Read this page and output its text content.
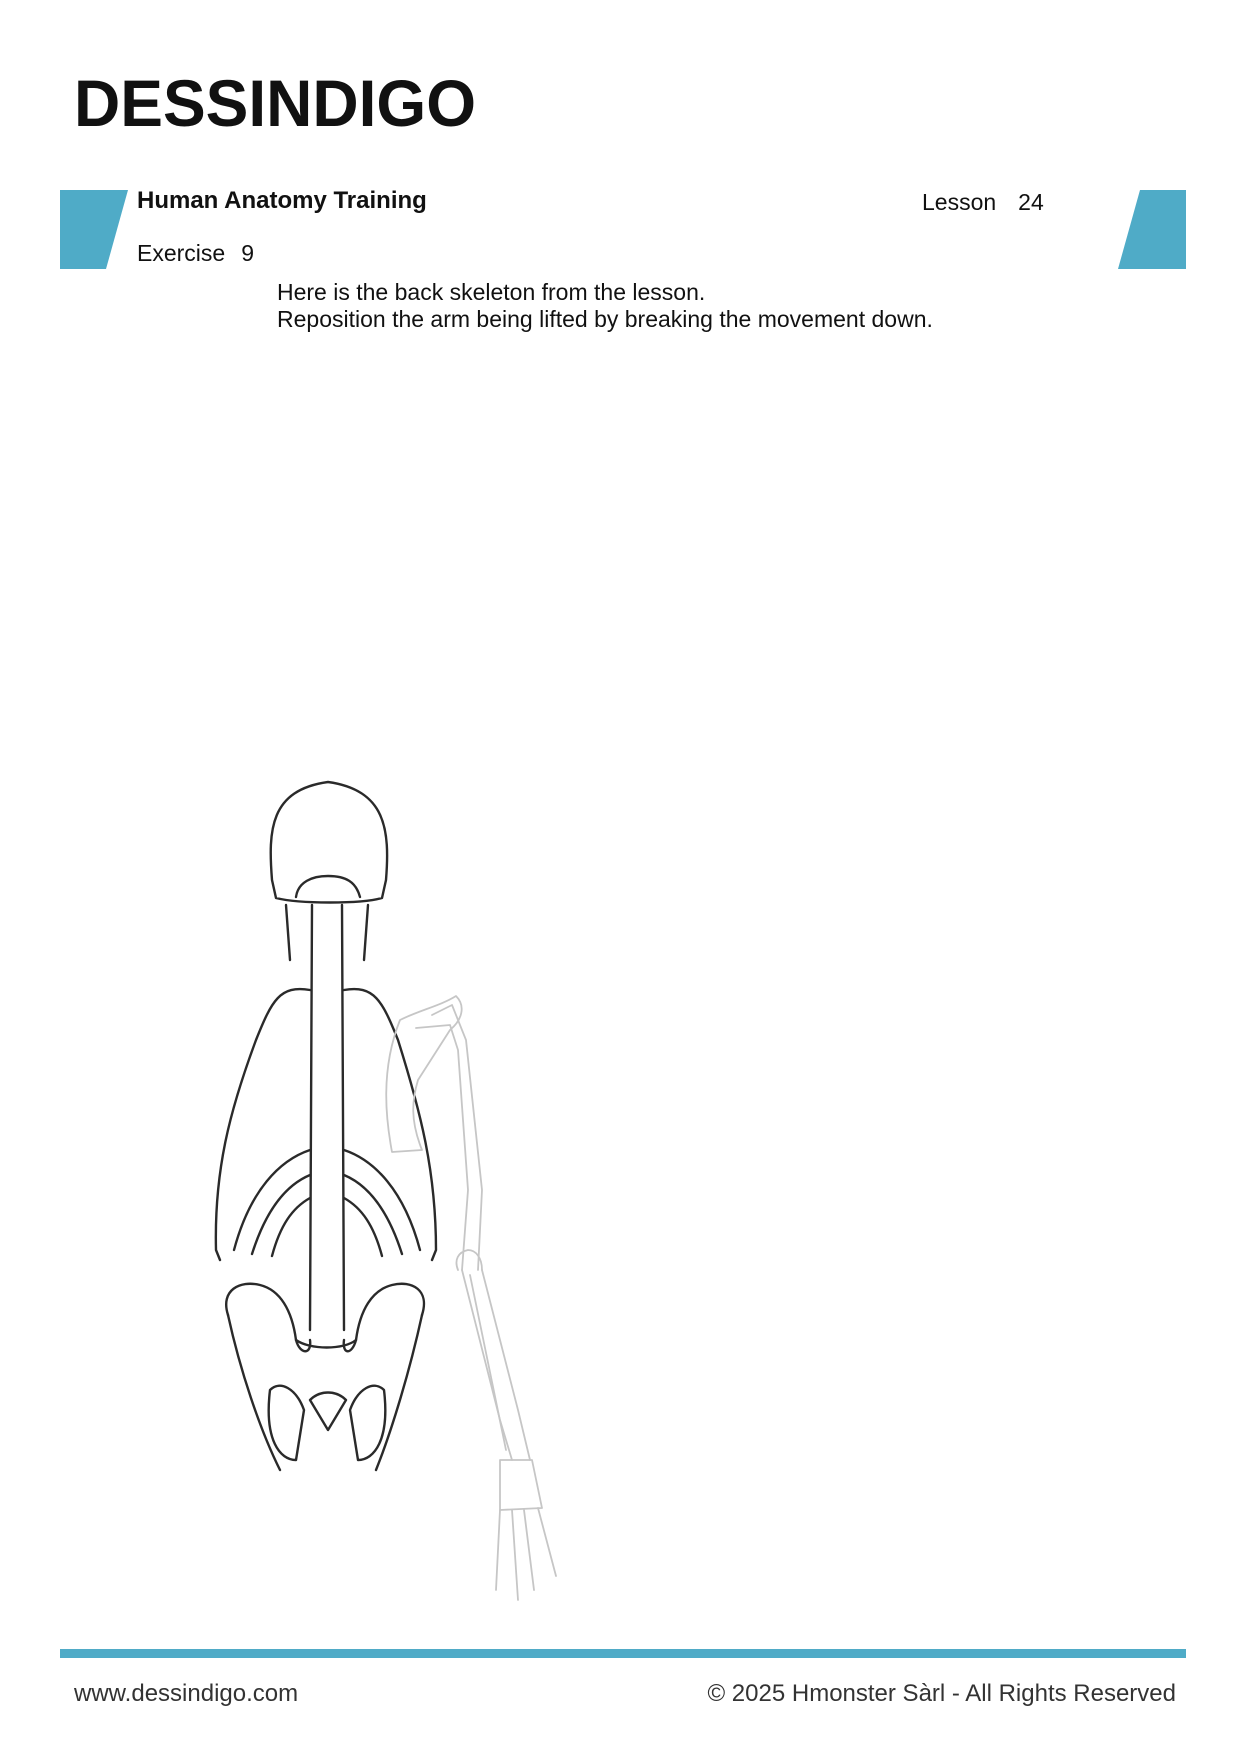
DESSINDIGO
Human Anatomy Training	Lesson 24
Exercise 9
Here is the back skeleton from the lesson.
Reposition the arm being lifted by breaking the movement down.
www.dessindigo.com	© 2025 Hmonster Sàrl - All Rights Reserved
